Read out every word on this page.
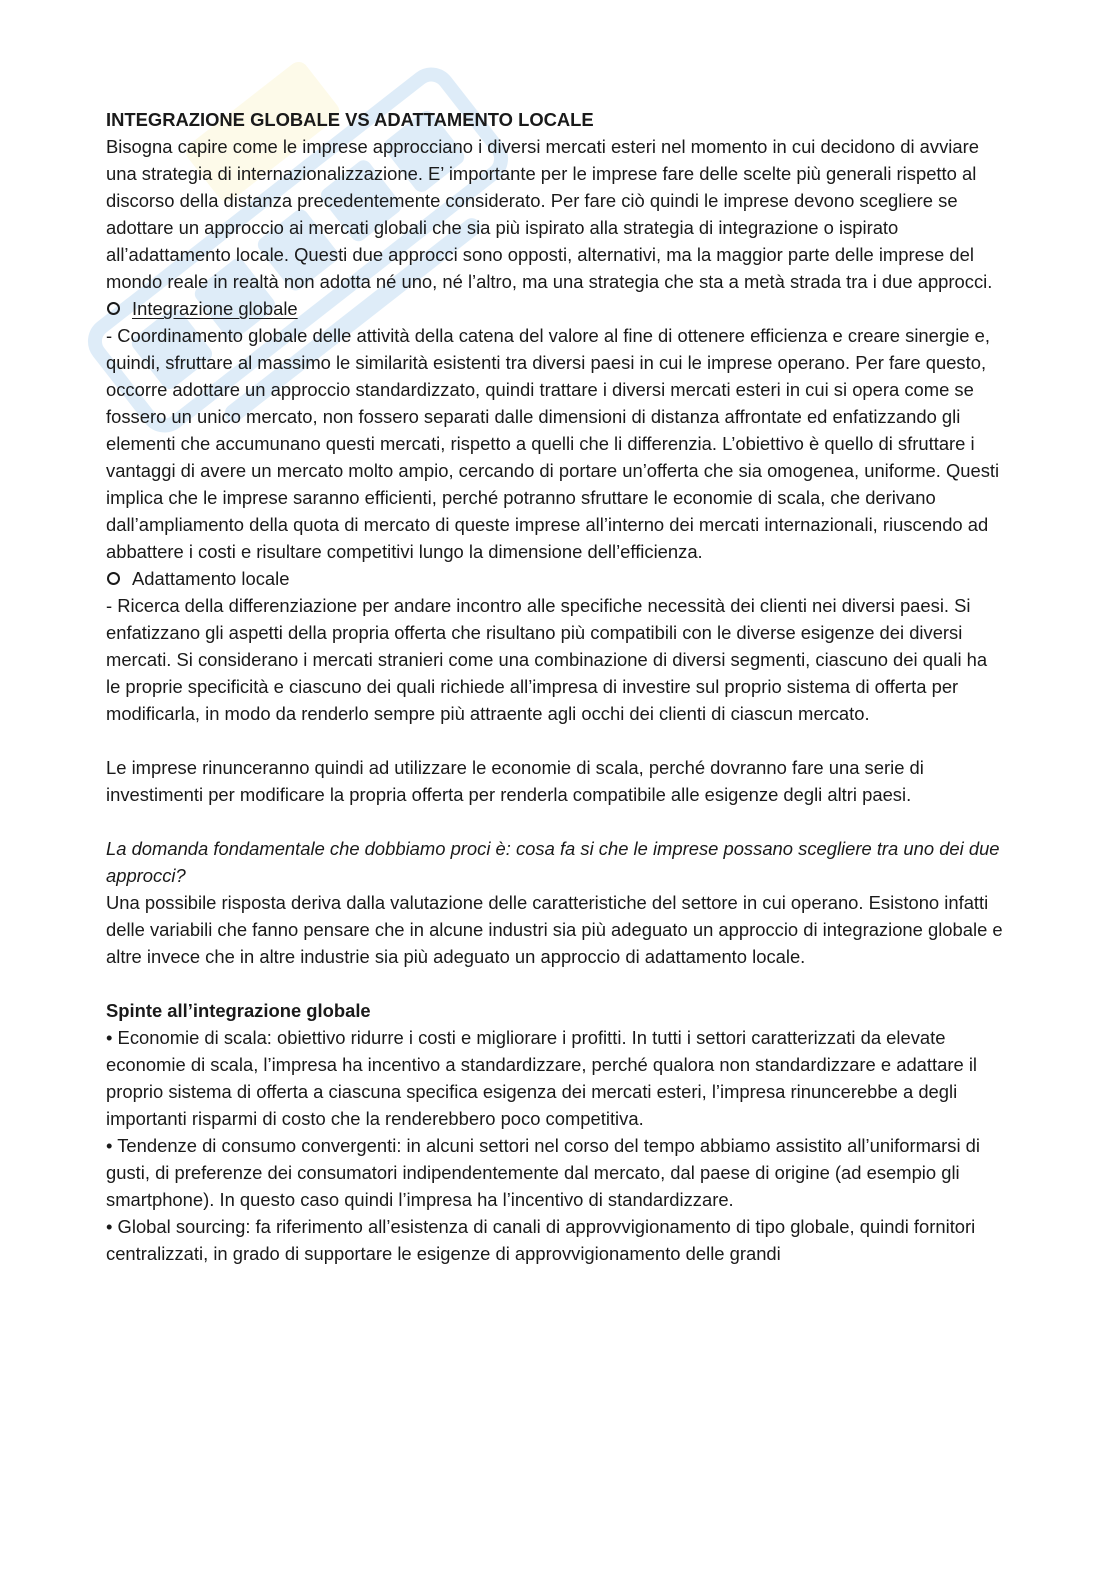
INTEGRAZIONE GLOBALE VS ADATTAMENTO LOCALE

Bisogna capire come le imprese approcciano i diversi mercati esteri nel momento in cui decidono di avviare una strategia di internazionalizzazione. E’ importante per le imprese fare delle scelte più generali rispetto al discorso della distanza precedentemente considerato. Per fare ciò quindi le imprese devono scegliere se adottare un approccio ai mercati globali che sia più ispirato alla strategia di integrazione o ispirato all’adattamento locale. Questi due approcci sono opposti, alternativi, ma la maggior parte delle imprese del mondo reale in realtà non adotta né uno, né l’altro, ma una strategia che sta a metà strada tra i due approcci.

Integrazione globale

- Coordinamento globale delle attività della catena del valore al fine di ottenere efficienza e creare sinergie e, quindi, sfruttare al massimo le similarità esistenti tra diversi paesi in cui le imprese operano. Per fare questo, occorre adottare un approccio standardizzato, quindi trattare i diversi mercati esteri in cui si opera come se fossero un unico mercato, non fossero separati dalle dimensioni di distanza affrontate ed enfatizzando gli elementi che accumunano questi mercati, rispetto a quelli che li differenzia. L’obiettivo è quello di sfruttare i vantaggi di avere un mercato molto ampio, cercando di portare un’offerta che sia omogenea, uniforme. Questi implica che le imprese saranno efficienti, perché potranno sfruttare le economie di scala, che derivano dall’ampliamento della quota di mercato di queste imprese all’interno dei mercati internazionali, riuscendo ad abbattere i costi e risultare competitivi lungo la dimensione dell’efficienza.

Adattamento locale

- Ricerca della differenziazione per andare incontro alle specifiche necessità dei clienti nei diversi paesi. Si enfatizzano gli aspetti della propria offerta che risultano più compatibili con le diverse esigenze dei diversi mercati. Si considerano i mercati stranieri come una combinazione di diversi segmenti, ciascuno dei quali ha le proprie specificità e ciascuno dei quali richiede all’impresa di investire sul proprio sistema di offerta per modificarla, in modo da renderlo sempre più attraente agli occhi dei clienti di ciascun mercato.

Le imprese rinunceranno quindi ad utilizzare le economie di scala, perché dovranno fare una serie di investimenti per modificare la propria offerta per renderla compatibile alle esigenze degli altri paesi.

La domanda fondamentale che dobbiamo proci è: cosa fa si che le imprese possano scegliere tra uno dei due approcci?

Una possibile risposta deriva dalla valutazione delle caratteristiche del settore in cui operano. Esistono infatti delle variabili che fanno pensare che in alcune industri sia più adeguato un approccio di integrazione globale e altre invece che in altre industrie sia più adeguato un approccio di adattamento locale.

Spinte all’integrazione globale

• Economie di scala: obiettivo ridurre i costi e migliorare i profitti. In tutti i settori caratterizzati da elevate economie di scala, l’impresa ha incentivo a standardizzare, perché qualora non standardizzare e adattare il proprio sistema di offerta a ciascuna specifica esigenza dei mercati esteri, l’impresa rinuncerebbe a degli importanti risparmi di costo che la renderebbero poco competitiva.

• Tendenze di consumo convergenti: in alcuni settori nel corso del tempo abbiamo assistito all’uniformarsi di gusti, di preferenze dei consumatori indipendentemente dal mercato, dal paese di origine (ad esempio gli smartphone). In questo caso quindi l’impresa ha l’incentivo di standardizzare.

• Global sourcing: fa riferimento all’esistenza di canali di approvvigionamento di tipo globale, quindi fornitori centralizzati, in grado di supportare le esigenze di approvvigionamento delle grandi
